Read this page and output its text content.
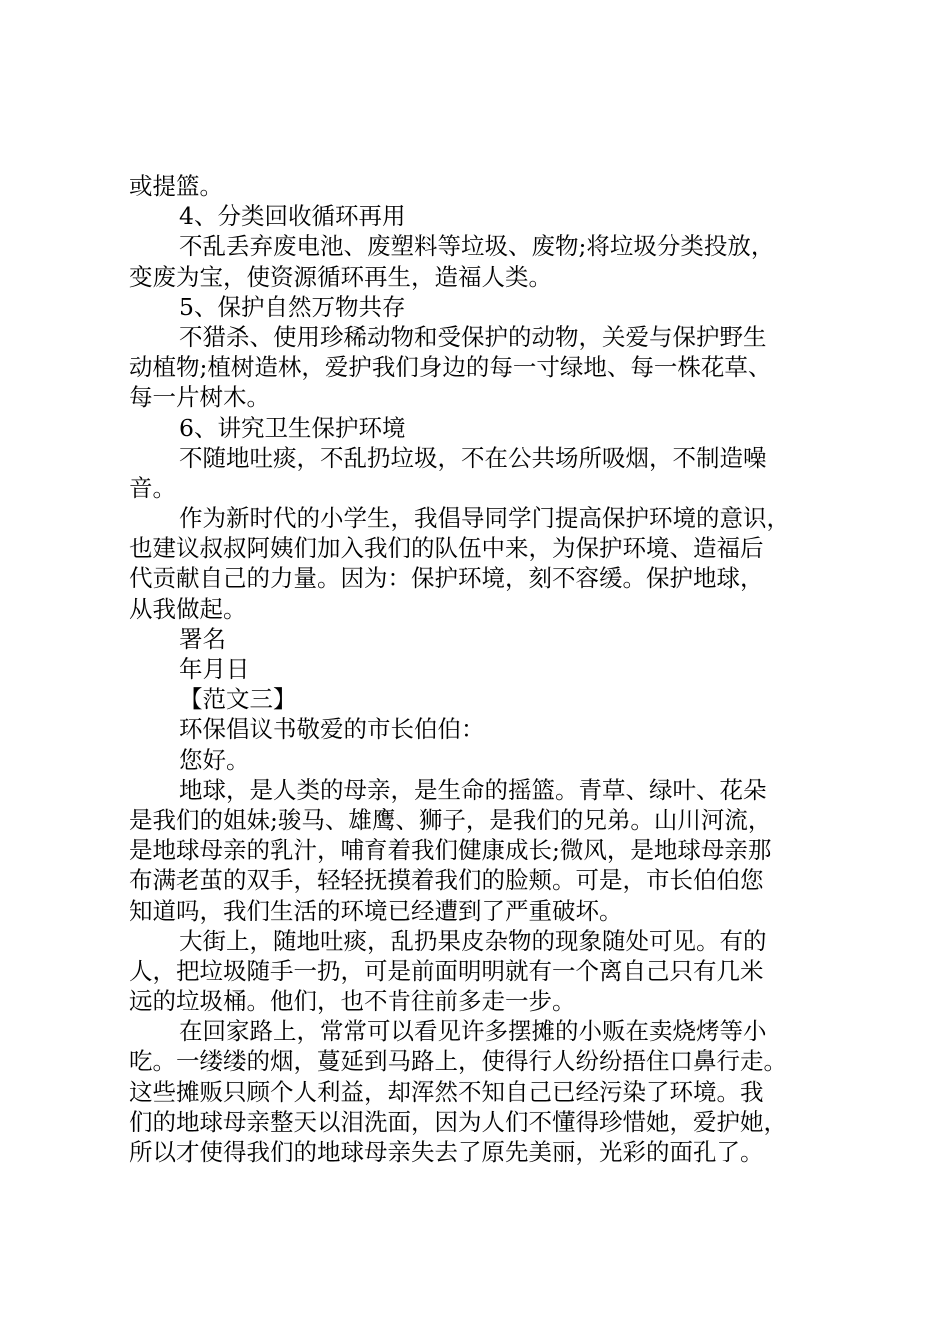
或提篮。
4、分类回收循环再用
不乱丢弃废电池、废塑料等垃圾、废物;将垃圾分类投放，
变废为宝，使资源循环再生，造福人类。
5、保护自然万物共存
不猎杀、使用珍稀动物和受保护的动物，关爱与保护野生
动植物;植树造林，爱护我们身边的每一寸绿地、每一株花草、
每一片树木。
6、讲究卫生保护环境
不随地吐痰，不乱扔垃圾，不在公共场所吸烟，不制造噪
音。
作为新时代的小学生，我倡导同学门提高保护环境的意识，
也建议叔叔阿姨们加入我们的队伍中来，为保护环境、造福后
代贡献自己的力量。因为：保护环境，刻不容缓。保护地球，
从我做起。
署名
年月日
【范文三】
环保倡议书敬爱的市长伯伯：
您好。
地球，是人类的母亲，是生命的摇篮。青草、绿叶、花朵
是我们的姐妹;骏马、雄鹰、狮子，是我们的兄弟。山川河流，
是地球母亲的乳汁，哺育着我们健康成长;微风，是地球母亲那
布满老茧的双手，轻轻抚摸着我们的脸颊。可是，市长伯伯您
知道吗，我们生活的环境已经遭到了严重破坏。
大街上，随地吐痰，乱扔果皮杂物的现象随处可见。有的
人，把垃圾随手一扔，可是前面明明就有一个离自己只有几米
远的垃圾桶。他们，也不肯往前多走一步。
在回家路上，常常可以看见许多摆摊的小贩在卖烧烤等小
吃。一缕缕的烟，蔓延到马路上，使得行人纷纷捂住口鼻行走。
这些摊贩只顾个人利益，却浑然不知自己已经污染了环境。我
们的地球母亲整天以泪洗面，因为人们不懂得珍惜她，爱护她，
所以才使得我们的地球母亲失去了原先美丽，光彩的面孔了。
